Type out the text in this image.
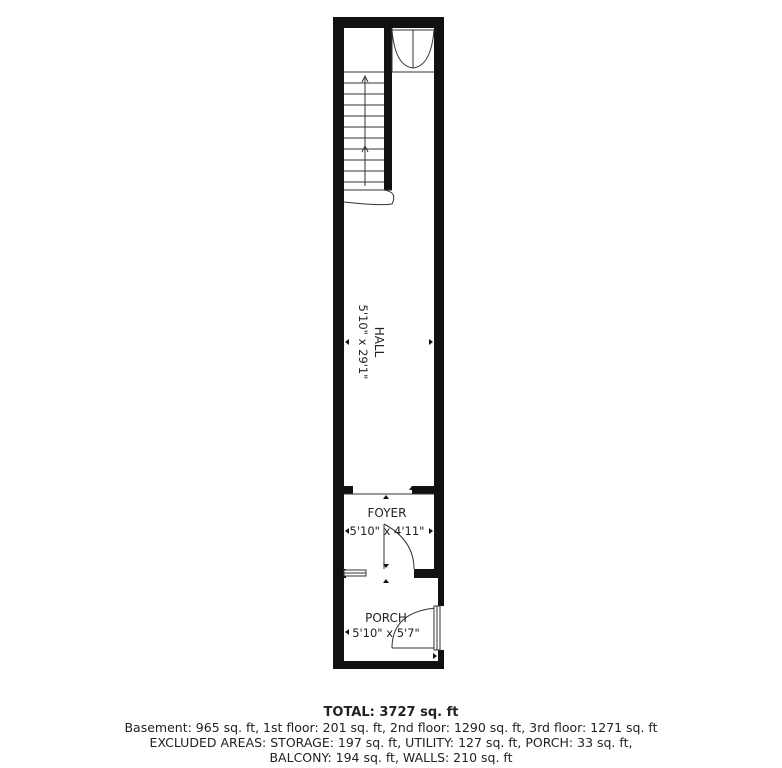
HALL
5'10" x 29'1"
FOYER
5'10" x 4'11"
PORCH
5'10" x 5'7"
TOTAL: 3727 sq. ft
Basement: 965 sq. ft, 1st floor: 201 sq. ft, 2nd floor: 1290 sq. ft, 3rd floor: 1271 sq. ft
EXCLUDED AREAS: STORAGE: 197 sq. ft, UTILITY: 127 sq. ft, PORCH: 33 sq. ft,
BALCONY: 194 sq. ft, WALLS: 210 sq. ft
